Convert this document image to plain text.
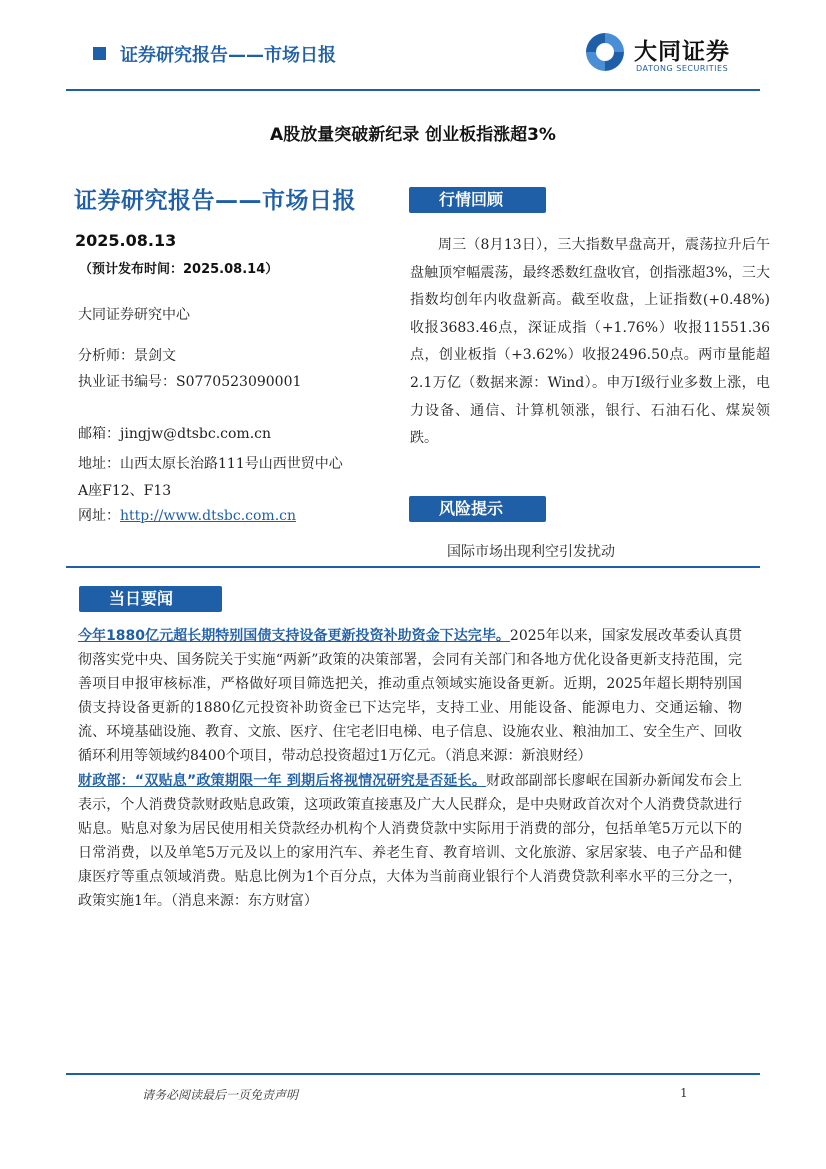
证券研究报告——市场日报	大同证券
DATONG SECURITIES
A股放量突破新纪录 创业板指涨超3%
证券研究报告——市场日报
2025.08.13
（预计发布时间：2025.08.14）
大同证券研究中心
分析师：景剑文
执业证书编号：S0770523090001
邮箱：jingjw@dtsbc.com.cn
地址：山西太原长治路111号山西世贸中心
A座F12、F13
网址：http://www.dtsbc.com.cn
行情回顾

周三（8月13日），三大指数早盘高开，震荡拉升后午盘触顶窄幅震荡，最终悉数红盘收官，创指涨超3%，三大指数均创年内收盘新高。截至收盘，上证指数(+0.48%)收报3683.46点，深证成指（+1.76%）收报11551.36点，创业板指（+3.62%）收报2496.50点。两市量能超2.1万亿（数据来源：Wind）。申万Ⅰ级行业多数上涨，电力设备、通信、计算机领涨，银行、石油石化、煤炭领跌。

风险提示
国际市场出现利空引发扰动
当日要闻

今年1880亿元超长期特别国债支持设备更新投资补助资金下达完毕。2025年以来，国家发展改革委认真贯彻落实党中央、国务院关于实施“两新”政策的决策部署，会同有关部门和各地方优化设备更新支持范围，完善项目申报审核标准，严格做好项目筛选把关，推动重点领域实施设备更新。近期，2025年超长期特别国债支持设备更新的1880亿元投资补助资金已下达完毕，支持工业、用能设备、能源电力、交通运输、物流、环境基础设施、教育、文旅、医疗、住宅老旧电梯、电子信息、设施农业、粮油加工、安全生产、回收循环利用等领域约8400个项目，带动总投资超过1万亿元。（消息来源：新浪财经）

财政部：“双贴息”政策期限一年 到期后将视情况研究是否延长。财政部副部长廖岷在国新办新闻发布会上表示，个人消费贷款财政贴息政策，这项政策直接惠及广大人民群众，是中央财政首次对个人消费贷款进行贴息。贴息对象为居民使用相关贷款经办机构个人消费贷款中实际用于消费的部分，包括单笔5万元以下的日常消费，以及单笔5万元及以上的家用汽车、养老生育、教育培训、文化旅游、家居家装、电子产品和健康医疗等重点领域消费。贴息比例为1个百分点，大体为当前商业银行个人消费贷款利率水平的三分之一，政策实施1年。（消息来源：东方财富）

请务必阅读最后一页免责声明	1
